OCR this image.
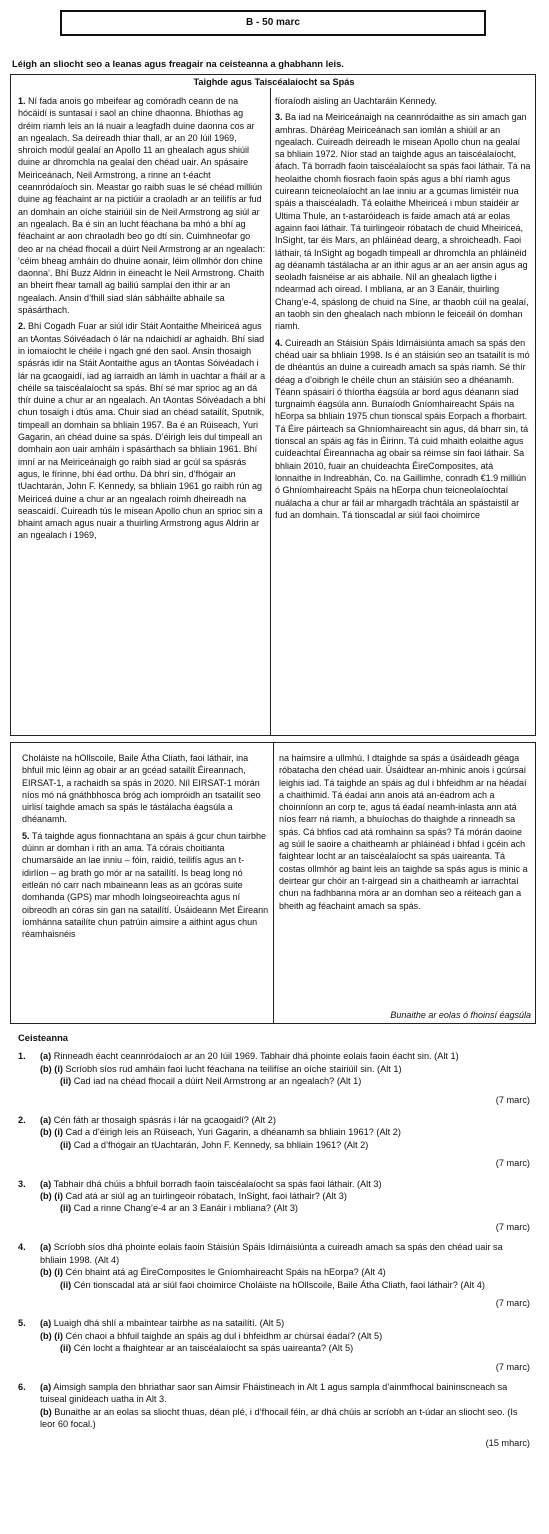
B - 50 marc
Léigh an sliocht seo a leanas agus freagair na ceisteanna a ghabhann leis.
Taighde agus Taiscéalaíocht sa Spás

1. Ní fada anois go mbeifear ag comóradh ceann de na hócáidí is suntasaí i saol an chine dhaonna. Bhíothas ag dréim riamh leis an lá nuair a leagfadh duine daonna cos ar an ngealach. Sa deireadh thiar thall, ar an 20 Iúil 1969, shroich modúl gealaí an Apollo 11 an ghealach agus shiúil duine ar dhromchla na gealaí den chéad uair. An spásaire Meiriceánach, Neil Armstrong, a rinne an t-éacht ceannródaíoch sin. Meastar go raibh suas le sé chéad milliún duine ag féachaint ar na pictiúir a craoladh ar an teilifís ar fud an domhain an oíche stairiúil sin de Neil Armstrong ag siúl ar an ngealach. Ba é sin an lucht féachana ba mhó a bhí ag féachaint ar aon chraoladh beo go dtí sin. Cuimhneofar go deo ar na chéad fhocail a dúirt Neil Armstrong ar an ngealach: ‘céim bheag amháin do dhuine aonair, léim ollmhór don chine daonna’. Bhí Buzz Aldrin in éineacht le Neil Armstrong. Chaith an bheirt fhear tamall ag bailiú samplaí den ithir ar an ngealach. Ansin d’fhill siad slán sábháilte abhaile sa spásárthach.

2. Bhí Cogadh Fuar ar siúl idir Stáit Aontaithe Mheiriceá agus an tAontas Sóivéadach ó lár na ndaichidí ar aghaidh. Bhí siad in iomaíocht le chéile i ngach gné den saol. Ansin thosaigh spásrás idir na Stáit Aontaithe agus an tAontas Sóivéadach i lár na gcaogaidí, iad ag iarraidh an lámh in uachtar a fháil ar a chéile sa taiscéalaíocht sa spás. Bhí sé mar sprioc ag an dá thír duine a chur ar an ngealach. An tAontas Sóivéadach a bhí chun tosaigh i dtús ama. Chuir siad an chéad satailít, Sputnik, timpeall an domhain sa bhliain 1957. Ba é an Rúiseach, Yuri Gagarin, an chéad duine sa spás. D’éirigh leis dul timpeall an domhain aon uair amháin i spásárthach sa bhliain 1961. Bhí imní ar na Meiriceánaigh go raibh siad ar gcúl sa spásrás agus, le fírinne, bhí éad orthu. Dá bhrí sin, d’fhógair an tUachtarán, John F. Kennedy, sa bhliain 1961 go raibh rún ag Meiriceá duine a chur ar an ngealach roimh dheireadh na seascaidí. Cuireadh tús le misean Apollo chun an sprioc sin a bhaint amach agus nuair a thuirling Armstrong agus Aldrin ar an ngealach i 1969,

fíoraíodh aisling an Uachtaráin Kennedy.

3. Ba iad na Meiriceánaigh na ceannródaithe as sin amach gan amhras. Dháréag Meiriceánach san iomlán a shiúil ar an ngealach. Cuireadh deireadh le misean Apollo chun na gealaí sa bhliain 1972. Níor stad an taighde agus an taiscéalaíocht, áfach. Tá borradh faoin taiscéalaíocht sa spás faoi láthair. Tá na heolaithe chomh fiosrach faoin spás agus a bhí riamh agus cuireann teicneolaíocht an lae inniu ar a gcumas limistéir nua spáis a thaiscéaladh. Tá eolaithe Mheiriceá i mbun staidéir ar Ultima Thule, an t-astaróideach is faide amach atá ar eolas againn faoi láthair. Tá tuirlingeoir róbatach de chuid Mheiriceá, InSight, tar éis Mars, an phláinéad dearg, a shroicheadh. Faoi láthair, tá InSight ag bogadh timpeall ar dhromchla an phláinéid ag déanamh tástálacha ar an ithir agus ar an aer ansin agus ag seoladh faisnéise ar ais abhaile. Níl an ghealach ligthe i ndearmad ach oiread. I mbliana, ar an 3 Eanáir, thuirling Chang’e-4, spáslong de chuid na Síne, ar thaobh cúil na gealaí, an taobh sin den ghealach nach mbíonn le feiceáil ón domhan riamh.

4. Cuireadh an Stáisiún Spáis Idirnáisiúnta amach sa spás den chéad uair sa bhliain 1998. Is é an stáisiún seo an tsatailít is mó de dhéantús an duine a cuireadh amach sa spás riamh. Sé thír déag a d’oibrigh le chéile chun an stáisiún seo a dhéanamh. Téann spásairí ó thíortha éagsúla ar bord agus déanann siad turgnaimh éagsúla ann. Bunaíodh Gníomhaireacht Spáis na hEorpa sa bhliain 1975 chun tionscal spáis Eorpach a fhorbairt. Tá Éire páirteach sa Ghníomhaireacht sin agus, dá bharr sin, tá tionscal an spáis ag fás in Éirinn. Tá cuid mhaith eolaithe agus cuideachtaí Éireannacha ag obair sa réimse sin faoi láthair. Sa bhliain 2010, fuair an chuideachta ÉireComposites, atá lonnaithe in Indreabhán, Co. na Gaillimhe, conradh €1.9 milliún ó Ghníomhaireacht Spáis na hEorpa chun teicneolaíochtaí nuálacha a chur ar fáil ar mhargadh tráchtála an spástaistil ar fud an domhain. Tá tionscadal ar siúl faoi choimirce

Choláiste na hOllscoile, Baile Átha Cliath, faoi láthair, ina bhfuil mic léinn ag obair ar an gcéad satailít Éireannach, EIRSAT-1, a rachaidh sa spás in 2020. Níl EIRSAT-1 mórán níos mó ná gnáthbhosca bróg ach iompróidh an tsatailít seo uirlisí taighde amach sa spás le tástálacha éagsúla a dhéanamh.

5. Tá taighde agus fionnachtana an spáis á gcur chun tairbhe dúinn ar domhan i rith an ama. Tá córais choitianta chumarsáide an lae inniu – fóin, raidió, teilifís agus an t-idirlíon – ag brath go mór ar na satailítí. Is beag long nó eitleán nó carr nach mbaineann leas as an gcóras suite domhanda (GPS) mar mhodh loingseoireachta agus ní oibreodh an córas sin gan na satailítí. Úsáideann Met Éireann íomhánna satailíte chun patrúin aimsire a aithint agus chun réamhaisnéis

na haimsire a ullmhú. I dtaighde sa spás a úsáideadh géaga róbatacha den chéad uair. Úsáidtear an-mhinic anois i gcúrsaí leighis iad. Tá taighde an spáis ag dul i bhfeidhm ar na héadaí a chaithimid. Tá éadaí ann anois atá an-éadrom ach a choinníonn an corp te, agus tá éadaí neamh-inlasta ann atá níos fearr ná riamh, a bhuíochas do thaighde a rinneadh sa spás. Cá bhfios cad atá romhainn sa spás? Tá mórán daoine ag súil le saoire a chaitheamh ar phláinéad i bhfad i gcéin ach faightear locht ar an taiscéalaíocht sa spás uaireanta. Tá costas ollmhór ag baint leis an taighde sa spás agus is minic a deirtear gur chóir an t-airgead sin a chaitheamh ar iarrachtaí chun na fadhbanna móra ar an domhan seo a réiteach gan a bheith ag féachaint amach sa spás.

Bunaithe ar eolas ó fhoinsí éagsúla
Ceisteanna
1. (a) Rinneadh éacht ceannródaíoch ar an 20 Iúil 1969. Tabhair dhá phointe eolais faoin éacht sin. (Alt 1)
(b) (i) Scríobh síos rud amháin faoi lucht féachana na teilifíse an oíche stairiúil sin. (Alt 1)
(ii) Cad iad na chéad fhocail a dúirt Neil Armstrong ar an ngealach? (Alt 1)
(7 marc)
2. (a) Cén fáth ar thosaigh spásrás i lár na gcaogaidí? (Alt 2)
(b) (i) Cad a d’éirigh leis an Rúiseach, Yuri Gagarin, a dhéanamh sa bhliain 1961? (Alt 2)
(ii) Cad a d’fhógair an tUachtarán, John F. Kennedy, sa bhliain 1961? (Alt 2)
(7 marc)
3. (a) Tabhair dhá chúis a bhfuil borradh faoin taiscéalaíocht sa spás faoi láthair. (Alt 3)
(b) (i) Cad atá ar siúl ag an tuirlingeoir róbatach, InSight, faoi láthair? (Alt 3)
(ii) Cad a rinne Chang’e-4 ar an 3 Eanáir i mbliana? (Alt 3)
(7 marc)
4. (a) Scríobh síos dhá phointe eolais faoin Stáisiún Spáis Idirnáisiúnta a cuireadh amach sa spás den chéad uair sa bhliain 1998. (Alt 4)
(b) (i) Cén bhaint atá ag ÉireComposites le Gníomhaireacht Spáis na hEorpa? (Alt 4)
(ii) Cén tionscadal atá ar siúl faoi choimirce Choláiste na hOllscoile, Baile Átha Cliath, faoi láthair? (Alt 4)
(7 marc)
5. (a) Luaigh dhá shlí a mbaintear tairbhe as na satailítí. (Alt 5)
(b) (i) Cén chaoi a bhfuil taighde an spáis ag dul i bhfeidhm ar chúrsaí éadaí? (Alt 5)
(ii) Cén locht a fhaightear ar an taiscéalaíocht sa spás uaireanta? (Alt 5)
(7 marc)
6. (a) Aimsigh sampla den bhriathar saor san Aimsir Fháistineach in Alt 1 agus sampla d’ainmfhocal baininscneach sa tuiseal ginideach uatha in Alt 3.
(b) Bunaithe ar an eolas sa sliocht thuas, déan plé, i d’fhocail féin, ar dhá chúis ar scríobh an t-údar an sliocht seo. (Is leor 60 focal.)
(15 mharc)
